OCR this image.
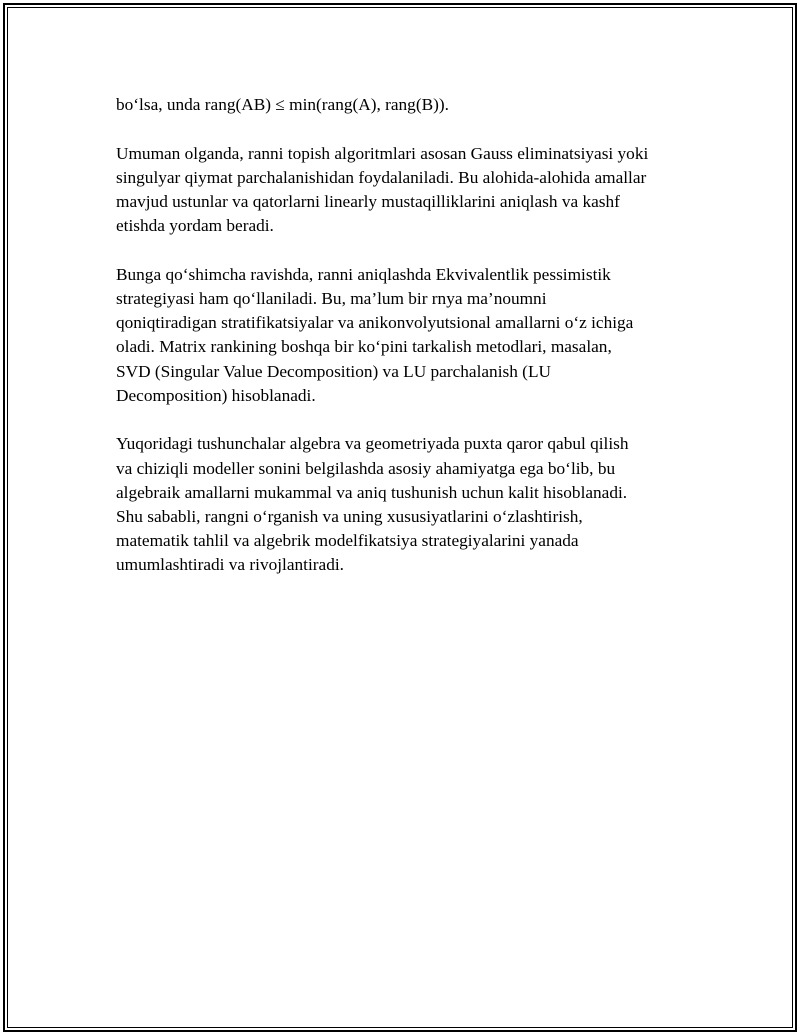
bo‘lsa, unda rang(AB) ≤ min(rang(A), rang(B)).

Umuman olganda, ranni topish algoritmlari asosan Gauss eliminatsiyasi yoki
singulyar qiymat parchalanishidan foydalaniladi. Bu alohida-alohida amallar
mavjud ustunlar va qatorlarni linearly mustaqilliklarini aniqlash va kashf
etishda yordam beradi.

Bunga qo‘shimcha ravishda, ranni aniqlashda Ekvivalentlik pessimistik
strategiyasi ham qo‘llaniladi. Bu, ma’lum bir rnya ma’noumni
qoniqtiradigan stratifikatsiyalar va anikonvolyutsional amallarni o‘z ichiga
oladi. Matrix rankining boshqa bir ko‘pini tarkalish metodlari, masalan,
SVD (Singular Value Decomposition) va LU parchalanish (LU
Decomposition) hisoblanadi.

Yuqoridagi tushunchalar algebra va geometriyada puxta qaror qabul qilish
va chiziqli modeller sonini belgilashda asosiy ahamiyatga ega bo‘lib, bu
algebraik amallarni mukammal va aniq tushunish uchun kalit hisoblanadi.
Shu sababli, rangni o‘rganish va uning xususiyatlarini o‘zlashtirish,
matematik tahlil va algebrik modelfikatsiya strategiyalarini yanada
umumlashtiradi va rivojlantiradi.
